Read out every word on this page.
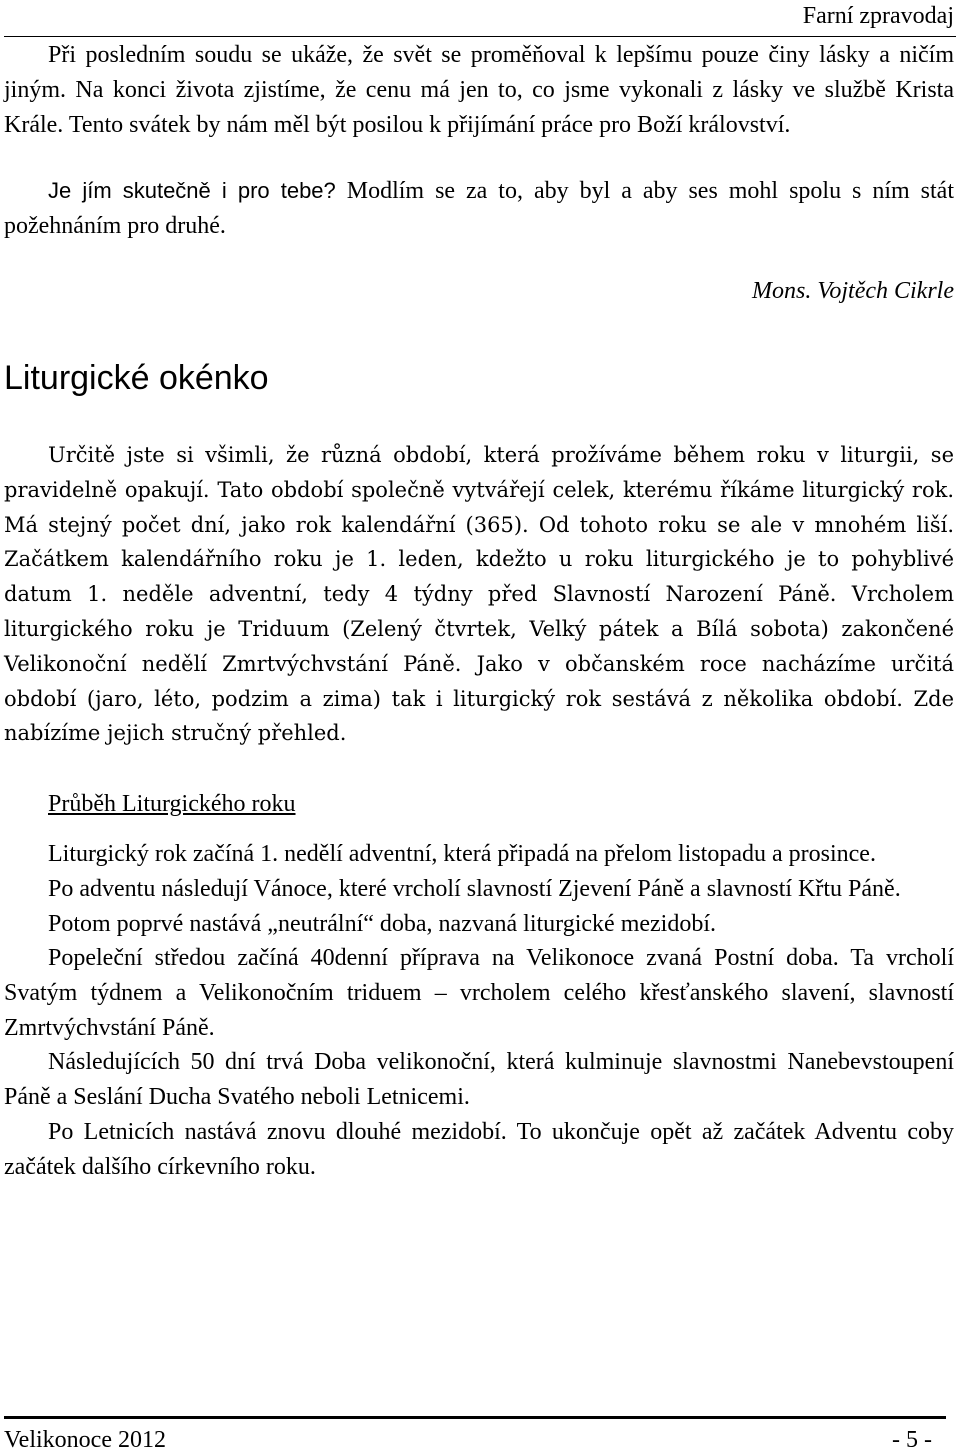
Farní zpravodaj

Při posledním soudu se ukáže, že svět se proměňoval k lepšímu pouze činy lásky a ničím jiným. Na konci života zjistíme, že cenu má jen to, co jsme vykonali z lásky ve službě Krista Krále. Tento svátek by nám měl být posilou k přijímání práce pro Boží království.

Je jím skutečně i pro tebe? Modlím se za to, aby byl a aby ses mohl spolu s ním stát požehnáním pro druhé.

Mons. Vojtěch Cikrle

Liturgické okénko

Určitě jste si všimli, že různá období, která prožíváme během roku v liturgii, se pravidelně opakují. Tato období společně vytvářejí celek, kterému říkáme liturgický rok. Má stejný počet dní, jako rok kalendářní (365). Od tohoto roku se ale v mnohém liší. Začátkem kalendářního roku je 1. leden, kdežto u roku liturgického je to pohyblivé datum 1. neděle adventní, tedy 4 týdny před Slavností Narození Páně. Vrcholem liturgického roku je Triduum (Zelený čtvrtek, Velký pátek a Bílá sobota) zakončené Velikonoční nedělí Zmrtvýchvstání Páně. Jako v občanském roce nacházíme určitá období (jaro, léto, podzim a zima) tak i liturgický rok sestává z několika období. Zde nabízíme jejich stručný přehled.

Průběh Liturgického roku

Liturgický rok začíná 1. nedělí adventní, která připadá na přelom listopadu a prosince.

Po adventu následují Vánoce, které vrcholí slavností Zjevení Páně a slavností Křtu Páně.

Potom poprvé nastává „neutrální“ doba, nazvaná liturgické mezidobí.

Popeleční středou začíná 40denní příprava na Velikonoce zvaná Postní doba. Ta vrcholí Svatým týdnem a Velikonočním triduem – vrcholem celého křesťanského slavení, slavností Zmrtvýchvstání Páně.

Následujících 50 dní trvá Doba velikonoční, která kulminuje slavnostmi Nanebevstoupení Páně a Seslání Ducha Svatého neboli Letnicemi.

Po Letnicích nastává znovu dlouhé mezidobí. To ukončuje opět až začátek Adventu coby začátek dalšího církevního roku.

Velikonoce 2012	- 5 -
